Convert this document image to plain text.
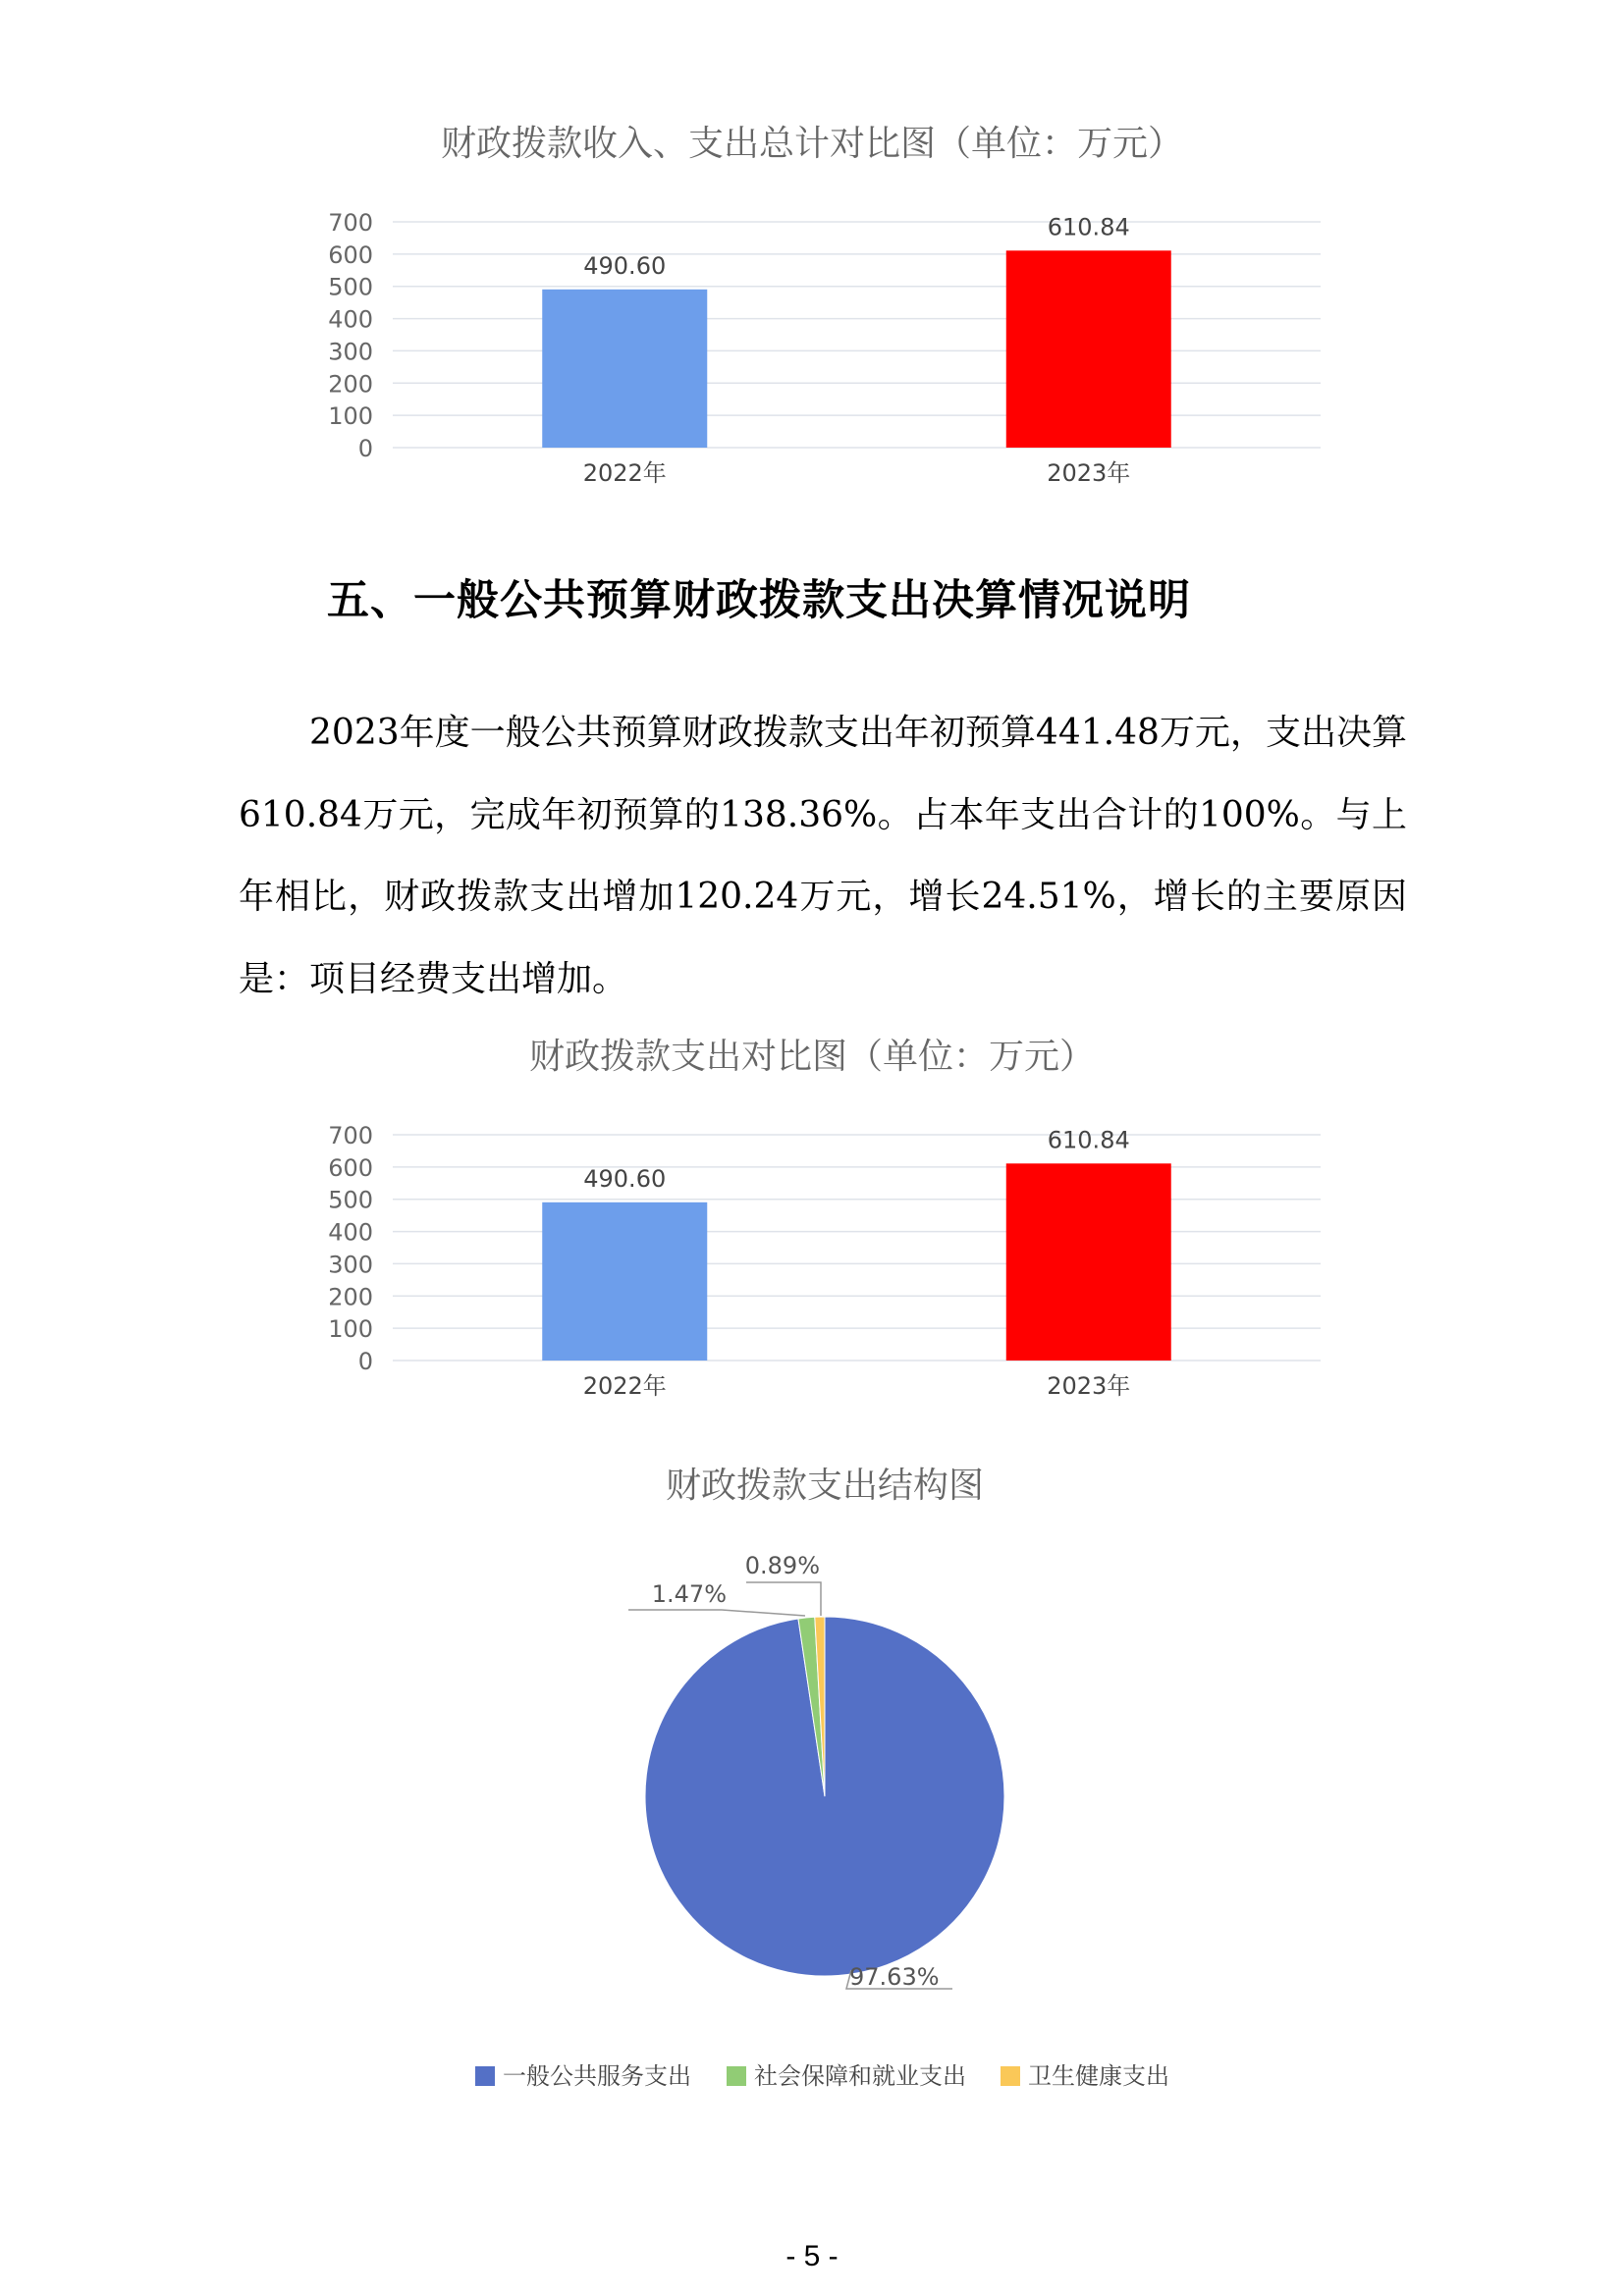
财政拨款收入、支出总计对比图（单位：万元）
0
100
200
300
400
500
600
700
490.60
2022年
610.84
2023年
五、一般公共预算财政拨款支出决算情况说明

　　2023年度一般公共预算财政拨款支出年初预算441.48万元，支出决算610.84万元，完成年初预算的138.36%。占本年支出合计的100%。与上年相比，财政拨款支出增加120.24万元，增长24.51%，增长的主要原因是：项目经费支出增加。

财政拨款支出对比图（单位：万元）
0
100
200
300
400
500
600
700
490.60
2022年
610.84
2023年
财政拨款支出结构图
97.63%
1.47%
0.89%
一般公共服务支出	社会保障和就业支出	卫生健康支出
- 5 -
